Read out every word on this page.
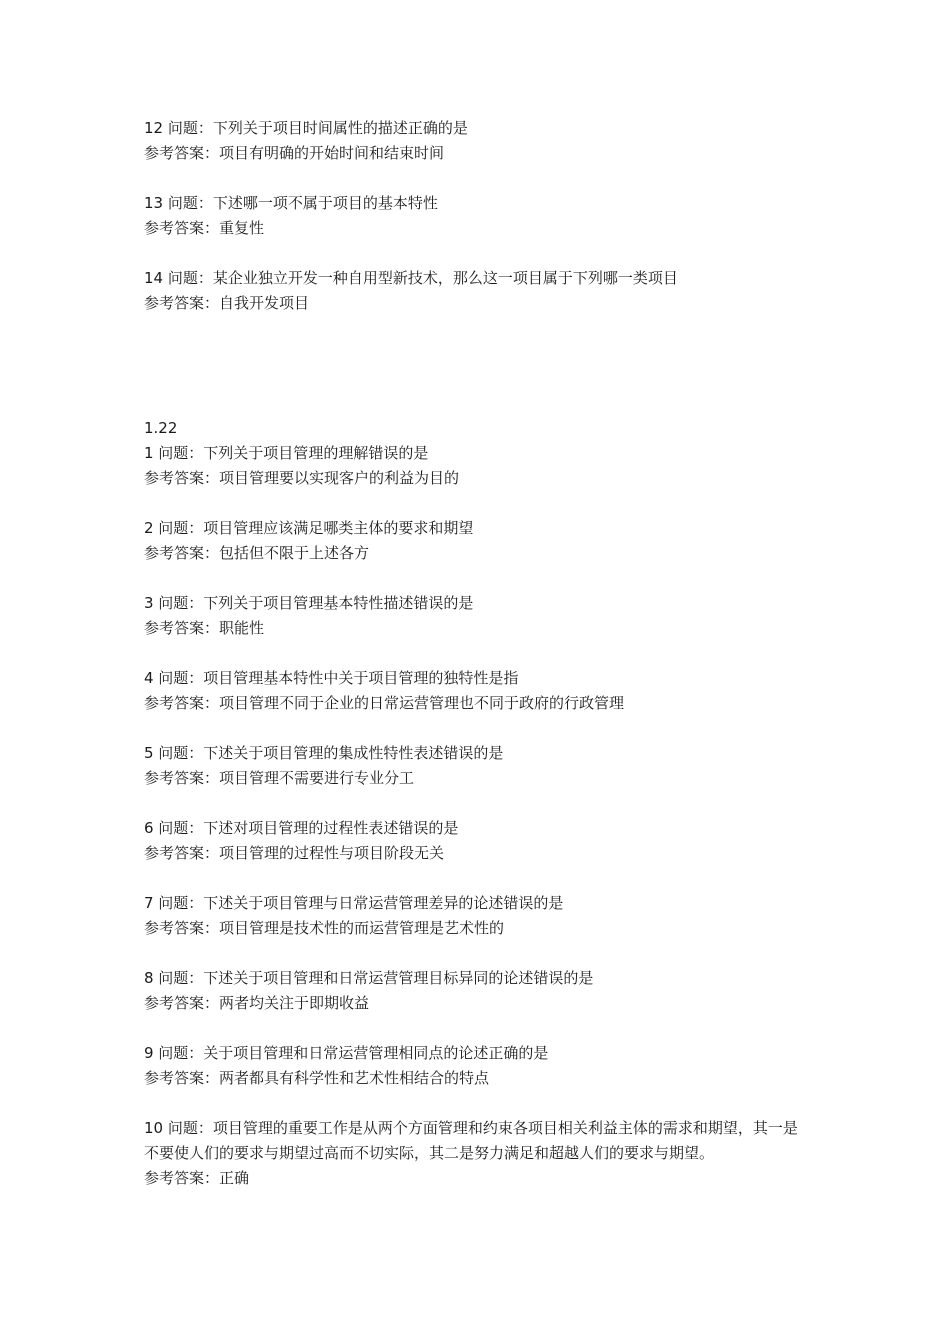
12 问题：下列关于项目时间属性的描述正确的是
参考答案：项目有明确的开始时间和结束时间
13 问题：下述哪一项不属于项目的基本特性
参考答案：重复性
14 问题：某企业独立开发一种自用型新技术，那么这一项目属于下列哪一类项目
参考答案：自我开发项目
1.22
1 问题：下列关于项目管理的理解错误的是
参考答案：项目管理要以实现客户的利益为目的
2 问题：项目管理应该满足哪类主体的要求和期望
参考答案：包括但不限于上述各方
3 问题：下列关于项目管理基本特性描述错误的是
参考答案：职能性
4 问题：项目管理基本特性中关于项目管理的独特性是指
参考答案：项目管理不同于企业的日常运营管理也不同于政府的行政管理
5 问题：下述关于项目管理的集成性特性表述错误的是
参考答案：项目管理不需要进行专业分工
6 问题：下述对项目管理的过程性表述错误的是
参考答案：项目管理的过程性与项目阶段无关
7 问题：下述关于项目管理与日常运营管理差异的论述错误的是
参考答案：项目管理是技术性的而运营管理是艺术性的
8 问题：下述关于项目管理和日常运营管理目标异同的论述错误的是
参考答案：两者均关注于即期收益
9 问题：关于项目管理和日常运营管理相同点的论述正确的是
参考答案：两者都具有科学性和艺术性相结合的特点
10 问题：项目管理的重要工作是从两个方面管理和约束各项目相关利益主体的需求和期望，其一是不要使人们的要求与期望过高而不切实际，其二是努力满足和超越人们的要求与期望。
参考答案：正确
